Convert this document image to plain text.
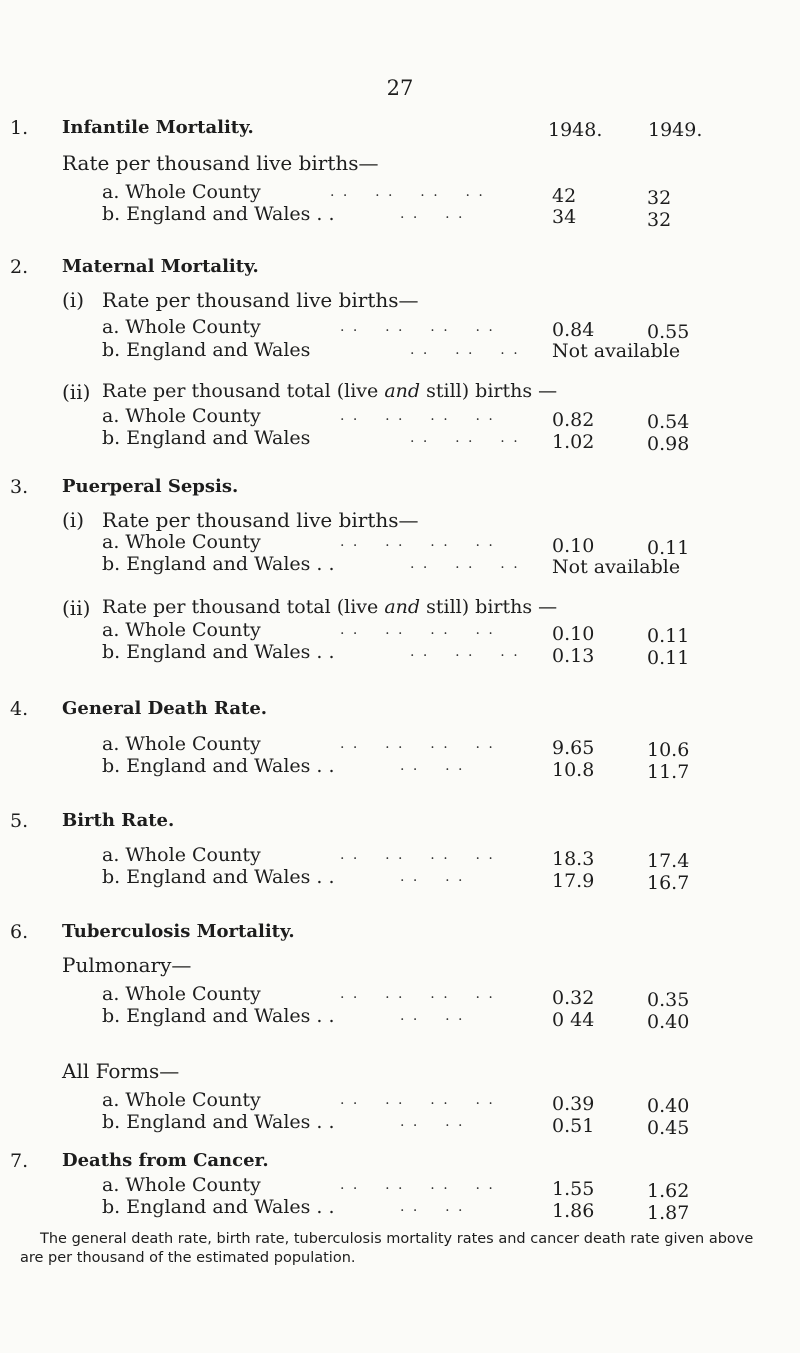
27
1. Infantile Mortality.	1948. 1949.
Rate per thousand live births—
a. Whole County	. .    . .    . .    . .	42	32
b. England and Wales . .	. .    . .	34	32
2. Maternal Mortality.
(i) Rate per thousand live births—
a. Whole County	. .    . .    . .    . .	0.84	0.55
b. England and Wales	. .    . .    . . Not available
(ii) Rate per thousand total (live and still) births —
a. Whole County	. .    . .    . .    . .	0.82	0.54
b. England and Wales	. .    . .    . . 1.02	0.98
3. Puerperal Sepsis.
(i) Rate per thousand live births—
a. Whole County	. .    . .    . .    . .	0.10	0.11
b. England and Wales . .	. .    . .    . . Not available
(ii) Rate per thousand total (live and still) births —
a. Whole County	. .    . .    . .    . .	0.10	0.11
b. England and Wales . .	. .    . .    . . 0.13	0.11
4. General Death Rate.
a. Whole County	. .    . .    . .    . .	9.65	10.6
b. England and Wales . .	. .    . .	10.8	11.7
5. Birth Rate.
a. Whole County	. .    . .    . .    . .	18.3	17.4
b. England and Wales . .	. .    . .	17.9	16.7
6. Tuberculosis Mortality.
Pulmonary—
a. Whole County	. .    . .    . .    . .	0.32	0.35
b. England and Wales . .	. .    . .	0 44	0.40
All Forms—
a. Whole County	. .    . .    . .    . .	0.39	0.40
b. England and Wales . .	. .    . .	0.51	0.45
7. Deaths from Cancer.
The general death rate, birth rate, tuberculosis mortality rates and cancer death rate given above are per thousand of the estimated population.
a. Whole County	. .    . .    . .    . .	1.55	1.62
b. England and Wales . .	. .    . .	1.86	1.87
